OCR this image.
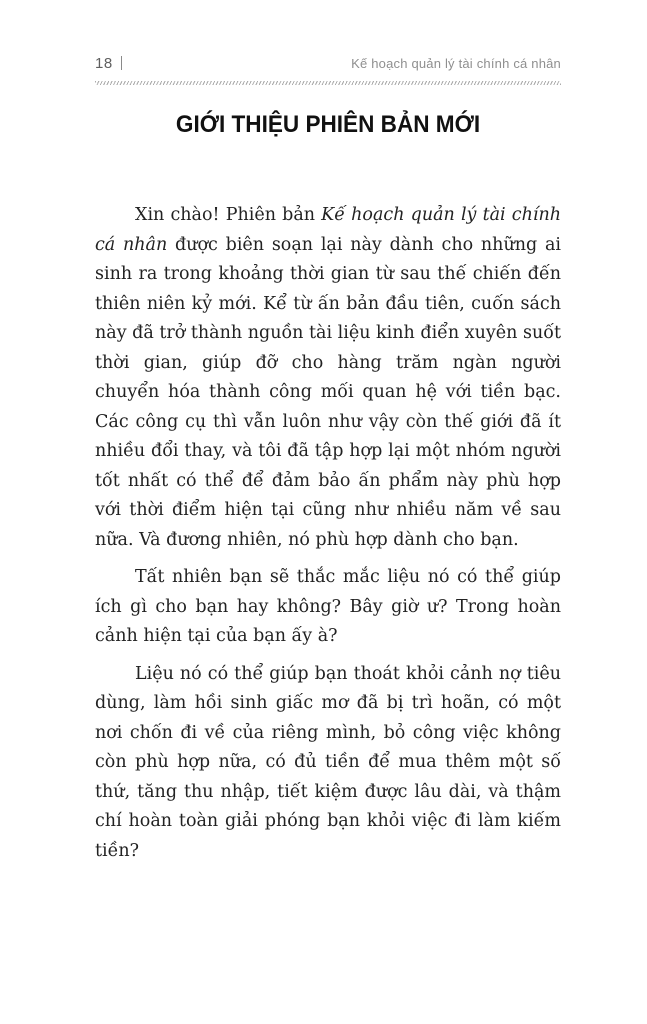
18	Kế hoạch quản lý tài chính cá nhân
GIỚI THIỆU PHIÊN BẢN MỚI

Xin chào! Phiên bản Kế hoạch quản lý tài chính cá nhân được biên soạn lại này dành cho những ai sinh ra trong khoảng thời gian từ sau thế chiến đến thiên niên kỷ mới. Kể từ ấn bản đầu tiên, cuốn sách này đã trở thành nguồn tài liệu kinh điển xuyên suốt thời gian, giúp đỡ cho hàng trăm ngàn người chuyển hóa thành công mối quan hệ với tiền bạc. Các công cụ thì vẫn luôn như vậy còn thế giới đã ít nhiều đổi thay, và tôi đã tập hợp lại một nhóm người tốt nhất có thể để đảm bảo ấn phẩm này phù hợp với thời điểm hiện tại cũng như nhiều năm về sau nữa. Và đương nhiên, nó phù hợp dành cho bạn.

Tất nhiên bạn sẽ thắc mắc liệu nó có thể giúp ích gì cho bạn hay không? Bây giờ ư? Trong hoàn cảnh hiện tại của bạn ấy à?

Liệu nó có thể giúp bạn thoát khỏi cảnh nợ tiêu dùng, làm hồi sinh giấc mơ đã bị trì hoãn, có một nơi chốn đi về của riêng mình, bỏ công việc không còn phù hợp nữa, có đủ tiền để mua thêm một số thứ, tăng thu nhập, tiết kiệm được lâu dài, và thậm chí hoàn toàn giải phóng bạn khỏi việc đi làm kiếm tiền?
